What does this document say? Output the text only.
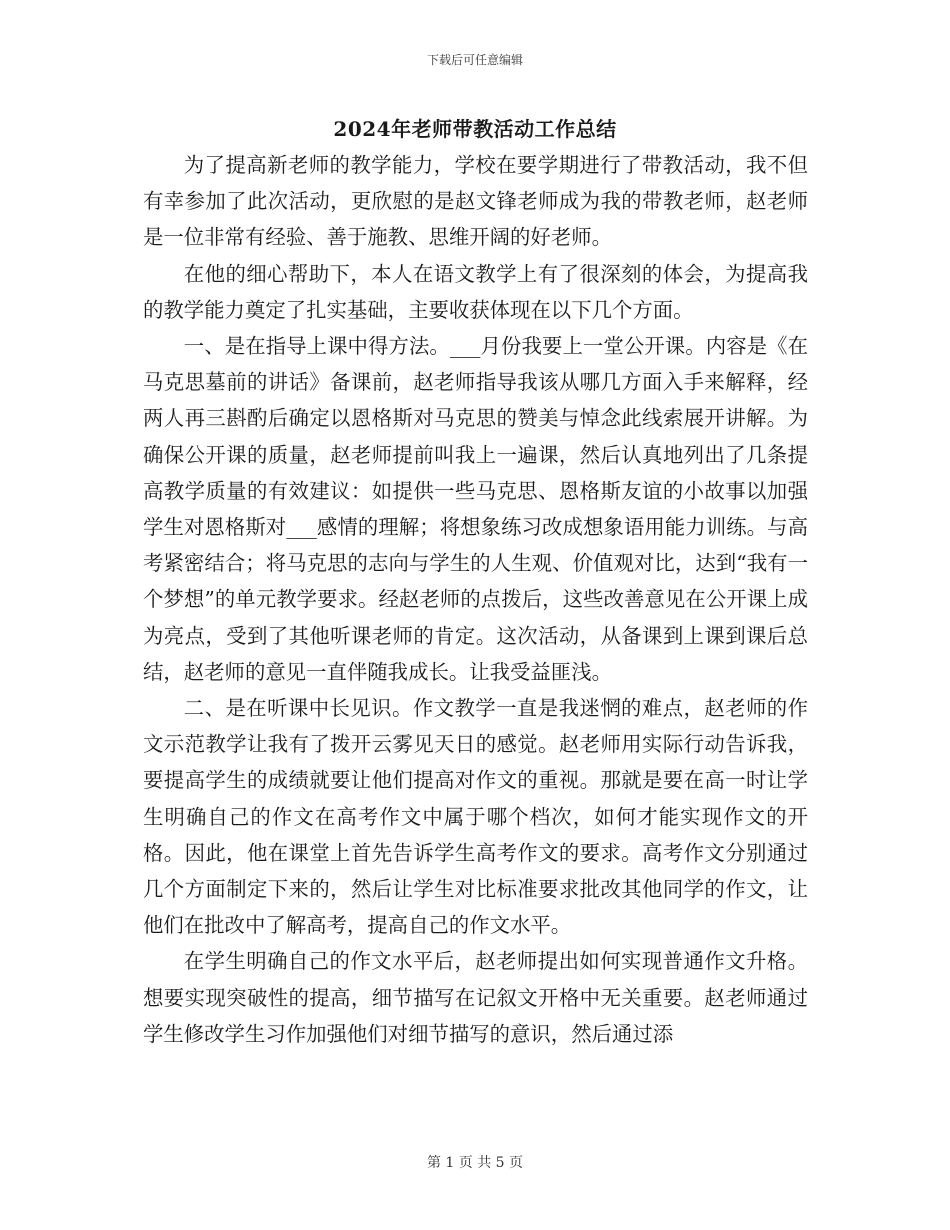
下载后可任意编辑
2024年老师带教活动工作总结

为了提高新老师的教学能力，学校在要学期进行了带教活动，我不但有幸参加了此次活动，更欣慰的是赵文锋老师成为我的带教老师，赵老师是一位非常有经验、善于施教、思维开阔的好老师。

在他的细心帮助下，本人在语文教学上有了很深刻的体会，为提高我的教学能力奠定了扎实基础，主要收获体现在以下几个方面。

一、是在指导上课中得方法。___月份我要上一堂公开课。内容是《在马克思墓前的讲话》备课前，赵老师指导我该从哪几方面入手来解释，经两人再三斟酌后确定以恩格斯对马克思的赞美与悼念此线索展开讲解。为确保公开课的质量，赵老师提前叫我上一遍课，然后认真地列出了几条提高教学质量的有效建议：如提供一些马克思、恩格斯友谊的小故事以加强学生对恩格斯对___感情的理解；将想象练习改成想象语用能力训练。与高考紧密结合；将马克思的志向与学生的人生观、价值观对比，达到“我有一个梦想”的单元教学要求。经赵老师的点拨后，这些改善意见在公开课上成为亮点，受到了其他听课老师的肯定。这次活动，从备课到上课到课后总结，赵老师的意见一直伴随我成长。让我受益匪浅。

二、是在听课中长见识。作文教学一直是我迷惘的难点，赵老师的作文示范教学让我有了拨开云雾见天日的感觉。赵老师用实际行动告诉我，要提高学生的成绩就要让他们提高对作文的重视。那就是要在高一时让学生明确自己的作文在高考作文中属于哪个档次，如何才能实现作文的开格。因此，他在课堂上首先告诉学生高考作文的要求。高考作文分别通过几个方面制定下来的，然后让学生对比标准要求批改其他同学的作文，让他们在批改中了解高考，提高自己的作文水平。

在学生明确自己的作文水平后，赵老师提出如何实现普通作文升格。想要实现突破性的提高，细节描写在记叙文开格中无关重要。赵老师通过学生修改学生习作加强他们对细节描写的意识，然后通过添

第 1 页 共 5 页
